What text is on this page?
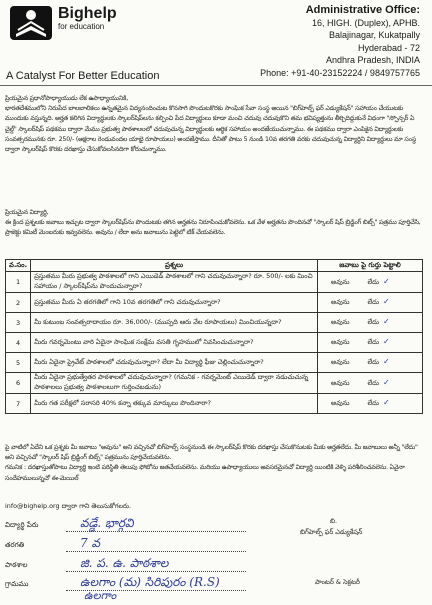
Bighelp
for education
A Catalyst For Better Education
Administrative Office:
16, HIGH. (Duplex), APHB.
Balajinagar, Kukatpally
Hyderabad - 72
Andhra Pradesh, INDIA
Phone: +91-40-23152224 / 9849757765

ప్రియమైన ప్రధానోపాధ్యాయుడు లేక ఉపాధ్యాయునికి,

భారతదేశములోని నిరుపేద బాలబాలికలు ఉన్నతమైన విద్యనందించుట కొనసాగి పొందుటకొరకు సాంఘిక సేవా సంస్థ అయిన "బిగ్‌హెల్ప్ ఫర్ ఎడ్యుకేషన్" సహాయం చేయుటకు ముందుకు వస్తున్నది. అర్హత కలిగిన విద్యార్థులకు స్కాలర్‌షిప్‌లను కల్పించి పేద విద్యార్థులు కూడా మంచి చదువు చదువుకొని తమ భవిష్యత్తును తీర్చిదిద్దుకునే విధంగా "స్పోన్సర్ ఏ చైల్డ్" స్కాలర్‌షిప్ పథకము ద్వారా మేము ప్రభుత్వ పాఠశాలలలో చదువుచున్న విద్యార్థులకు ఆర్థిక సహాయం అందజేయుచున్నాము. ఈ పథకము ద్వారా ఎంపికైన విద్యార్థులకు సంవత్సరమునకు రూ. 250/- (అక్షరాల రెండువందల యాభై రూపాయలు) అందజేస్తాము. దీనితో పాటు 5 నుండి 10వ తరగతి వరకు చదువుచున్న విద్యార్థిని విద్యార్థులు మా సంస్థ ద్వారా స్కాలర్‌షిప్ కొరకు దరఖాస్తు చేసుకోవలసినదిగా కోరుచున్నాము.

ప్రియమైన విద్యార్థి,

ఈ క్రింద ప్రశ్నలకు జవాబు ఇచ్చుట ద్వారా స్కాలర్‌షిప్‌ను పొందుటకు తగిన అర్హతను నిరూపించుకోవలెను. ఒక వేళ అర్హతను పొందినచో "స్కాలర్ షిప్ బ్రిడ్జింగ్ బిట్స్" పత్రము పూర్తిచేసి, ప్రాజెక్టు కమిటీ మెంబరుకు ఇవ్వవలెను. అవును / లేదా అను జవాబును పెట్టెలో టిక్ చేయవలెను.

వ.సం.	ప్రశ్నలు	జవాబు పై గుర్తు పెట్టాలి
1	ప్రస్తుతము మీరు ప్రభుత్వ పాఠశాలలో గాని ఎయిడెడ్ పాఠశాలలో గాని చదువుచున్నారా? రూ. 500/- లకు మించి సహాయం / స్కాలర్‌షిప్‌ను పొందుచున్నారా?	అవును లేదు ✓
2	ప్రస్తుతము మీరు ఏ తరగతిలో గాని 10వ తరగతిలో గాని చదువుచున్నారా?	అవును లేదు ✓
3	మీ కుటుంబ సంవత్సరాదాయం రూ. 36,000/- (ముప్పది ఆరు వేల రూపాయలు) మించియున్నదా?	అవును లేదు ✓
4	మీరు గవర్నమెంటు వారి ఏదైనా సాంఘిక సంక్షేమ వసతి గృహములో నివసించుచున్నారా?	అవును లేదు ✓
5	మీరు ఏదైనా ప్రైవేట్ పాఠశాలలో చదువుచున్నారా? లేదా మీ విద్యార్థి ఫీజు చెల్లించుచున్నారా?	అవును లేదు ✓
6	మీరు ఏదైనా ప్రభుత్వేతర పాఠశాలలో చదువుచున్నారా? (గమనిక - గవర్నమెంట్ ఎయిడెడ్ ద్వారా నడుచుచున్న పాఠశాలలు ప్రభుత్వ పాఠశాలలుగా గుర్తించబడును)	అవును లేదు ✓
7	మీరు గత పరీక్షలో సరాసరి 40% కన్నా తక్కువ మార్కులు పొందినారా?	అవును లేదు ✓

పై వాటిలో ఏదేని ఒక ప్రశ్నకు మీ జవాబు "అవును" అని వచ్చినచో బిగ్‌హెల్ప్ సంస్థనుండి ఈ స్కాలర్‌షిప్ కొరకు దరఖాస్తు చేసుకొనుటకు మీకు అర్హతలేదు. మీ జవాబులు అన్నీ "లేదు" అని వచ్చినచో "స్కాలర్ షిప్ బ్రిడ్జింగ్ బిట్స్" పత్రమును పూర్తిచేయవలెను.

గమనిక : దరఖాస్తుతోపాటు విద్యార్థి ఇంటి పరిస్థితి తెలుపు ఫోటోను జతచేయవలెను. మరియు ఉపాధ్యాయులు అవసరమైనచో విద్యార్థి యింటికి వెళ్ళి పరిశీలించవలెను. ఏవైనా సందేహములున్నచో ఈ-మెయిల్

info@bighelp.org ద్వారా గాని తెలుసుకోగలరు.
విద్యార్థి పేరు	వడ్డే. భార్గవి
తరగతి	7 వ
పాఠశాల	జి. ప. ఉ. పాఠశాల
గ్రామము	ఉలగాం (మ) సిరిపురం (R.S)
ఉలగాం
బి.
బిగ్‌హెల్ప్ ఫర్ ఎడ్యుకేషన్
పాంటర్ & సెక్రటరీ
